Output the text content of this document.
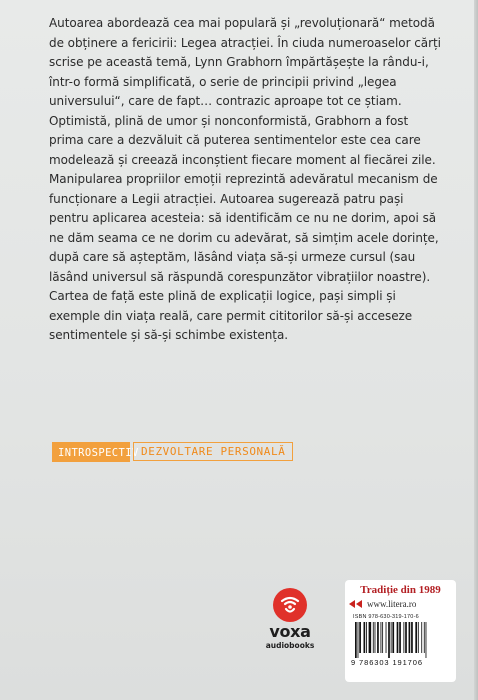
Autoarea abordează cea mai populară și „revoluționară“ metodă de obținere a fericirii: Legea atracției. În ciuda numeroaselor cărți scrise pe această temă, Lynn Grabhorn împărtășește la rându-i, într-o formă simplificată, o serie de principii privind „legea universului“, care de fapt… contrazic aproape tot ce știam.

Optimistă, plină de umor și nonconformistă, Grabhorn a fost prima care a dezvăluit că puterea sentimentelor este cea care modelează și creează inconștient fiecare moment al fiecărei zile. Manipularea propriilor emoții reprezintă adevăratul mecanism de funcționare a Legii atracției. Autoarea sugerează patru pași pentru aplicarea acesteia: să identificăm ce nu ne dorim, apoi să ne dăm seama ce ne dorim cu adevărat, să simțim acele dorințe, după care să așteptăm, lăsând viața să-și urmeze cursul (sau lăsând universul să răspundă corespunzător vibrațiilor noastre).

Cartea de față este plină de explicații logice, pași simpli și exemple din viața reală, care permit cititorilor să-și acceseze sentimentele și să-și schimbe existența.

INTROSPECTIV DEZVOLTARE PERSONALĂ
voxa
audiobooks
Tradiție din 1989
www.litera.ro
ISBN 978-630-319-170-6
9 786303 191706
